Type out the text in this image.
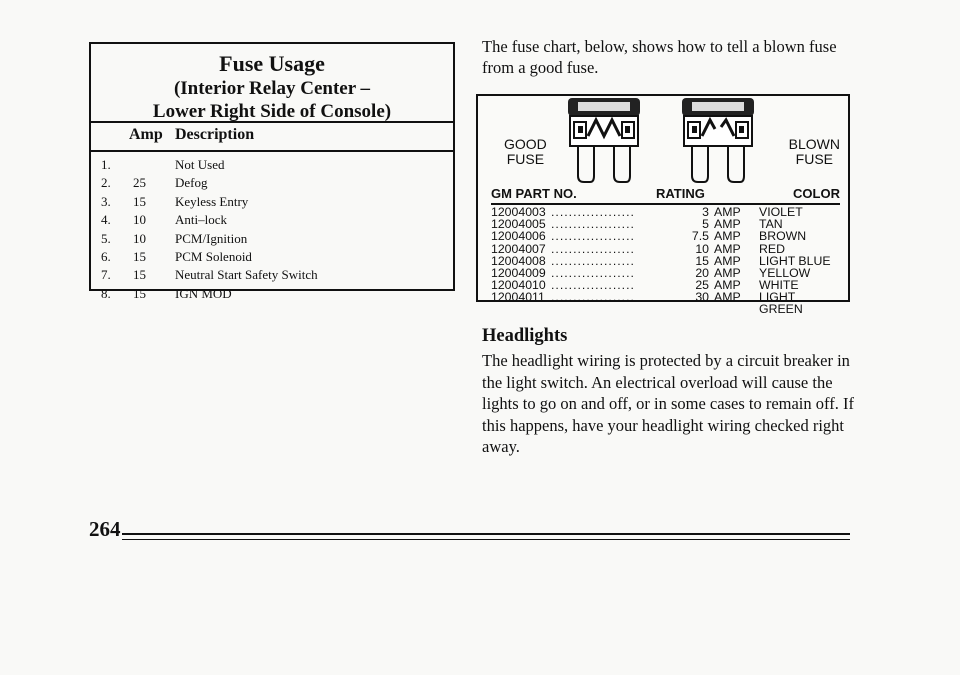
Fuse Usage
(Interior Relay Center –
Lower Right Side of Console)
Amp Description
1.	Not Used
2. 25 Defog
3. 15 Keyless Entry
4. 10 Anti–lock
5. 10 PCM/Ignition
6. 15 PCM Solenoid
7. 15 Neutral Start Safety Switch
8. 15 IGN MOD

The fuse chart, below, shows how to tell a blown fuse from a good fuse.

GOOD
FUSE
BLOWN
FUSE
GM PART NO.	RATING	COLOR
12004003 ...................	3 AMP VIOLET
12004005 ...................	5 AMP TAN
12004006 ...................	7.5 AMP BROWN
12004007 ...................	10 AMP RED
12004008 ...................	15 AMP LIGHT BLUE
12004009 ...................	20 AMP YELLOW
12004010 ...................	25 AMP WHITE
12004011 ...................	30 AMP LIGHT GREEN
Headlights

The headlight wiring is protected by a circuit breaker in the light switch. An electrical overload will cause the lights to go on and off, or in some cases to remain off. If this happens, have your headlight wiring checked right away.

264
